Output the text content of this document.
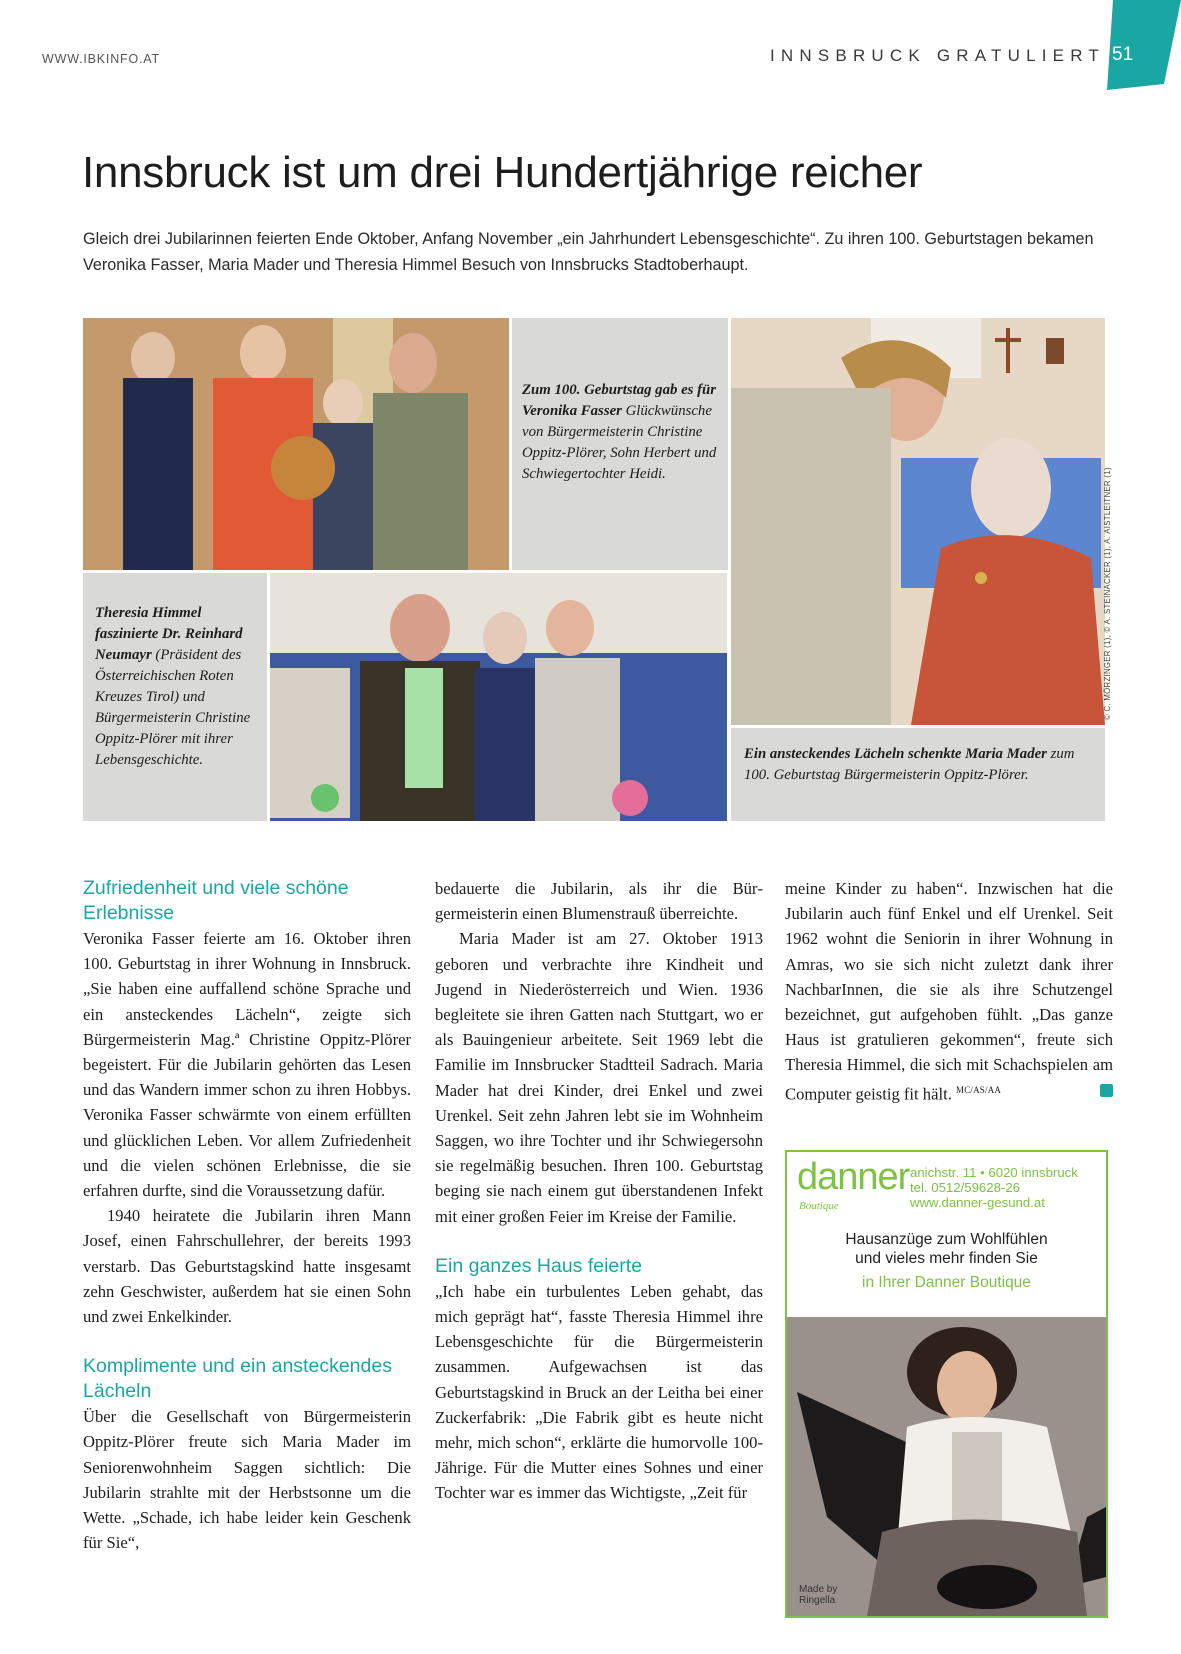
WWW.IBKINFO.AT	INNSBRUCK GRATULIERT 51
Innsbruck ist um drei Hundertjährige reicher

Gleich drei Jubilarinnen feierten Ende Oktober, Anfang November „ein Jahrhundert Lebensgeschichte“. Zu ihren 100. Geburtstagen bekamen Veronika Fasser, Maria Mader und Theresia Himmel Besuch von Innsbrucks Stadtoberhaupt.

Zum 100. Geburtstag gab es für Veronika Fasser Glückwünsche von Bürgermeisterin Christine Oppitz-Plörer, Sohn Herbert und Schwiegertochter Heidi.
Theresia Himmel faszinierte Dr. Reinhard Neumayr (Präsident des Österreichischen Roten Kreuzes Tirol) und Bürgermeisterin Christine Oppitz-Plörer mit ihrer Lebensgeschichte.	Ein ansteckendes Lächeln schenkte Maria Mader zum 100. Geburtstag Bürgermeisterin Oppitz-Plörer.
© C. MÖRZINGER (1), © A. STEINACKER (1), A. AISTLEITNER (1)
Zufriedenheit und viele schöne Erlebnisse

Veronika Fasser feierte am 16. Oktober ihren 100. Geburtstag in ihrer Wohnung in Innsbruck. „Sie haben eine auffallend schöne Sprache und ein ansteckendes Lächeln“, zeigte sich Bürgermeisterin Mag.ª Christine Oppitz-Plörer begeistert. Für die Jubilarin gehörten das Lesen und das Wandern immer schon zu ihren Hobbys. Veronika Fasser schwärmte von einem erfüllten und glücklichen Leben. Vor allem Zufriedenheit und die vielen schönen Erlebnisse, die sie erfahren durfte, sind die Voraussetzung dafür.

1940 heiratete die Jubilarin ihren Mann Josef, einen Fahrschullehrer, der bereits 1993 verstarb. Das Geburtstagskind hatte insgesamt zehn Geschwister, außerdem hat sie einen Sohn und zwei Enkelkinder.

Komplimente und ein ansteckendes Lächeln

Über die Gesellschaft von Bürgermeisterin Oppitz-Plörer freute sich Maria Mader im Seniorenwohnheim Saggen sichtlich: Die Jubilarin strahlte mit der Herbstsonne um die Wette. „Schade, ich habe leider kein Geschenk für Sie“,

bedauerte die Jubilarin, als ihr die Bürgermeisterin einen Blumenstrauß überreichte.

Maria Mader ist am 27. Oktober 1913 geboren und verbrachte ihre Kindheit und Jugend in Niederösterreich und Wien. 1936 begleitete sie ihren Gatten nach Stuttgart, wo er als Bauingenieur arbeitete. Seit 1969 lebt die Familie im Innsbrucker Stadtteil Sadrach. Maria Mader hat drei Kinder, drei Enkel und zwei Urenkel. Seit zehn Jahren lebt sie im Wohnheim Saggen, wo ihre Tochter und ihr Schwiegersohn sie regelmäßig besuchen. Ihren 100. Geburtstag beging sie nach einem gut überstandenen Infekt mit einer großen Feier im Kreise der Familie.

Ein ganzes Haus feierte

„Ich habe ein turbulentes Leben gehabt, das mich geprägt hat“, fasste Theresia Himmel ihre Lebensgeschichte für die Bürgermeisterin zusammen. Aufgewachsen ist das Geburtstagskind in Bruck an der Leitha bei einer Zuckerfabrik: „Die Fabrik gibt es heute nicht mehr, mich schon“, erklärte die humorvolle 100-Jährige. Für die Mutter eines Sohnes und einer Tochter war es immer das Wichtigste, „Zeit für

meine Kinder zu haben“. Inzwischen hat die Jubilarin auch fünf Enkel und elf Urenkel. Seit 1962 wohnt die Seniorin in ihrer Wohnung in Amras, wo sie sich nicht zuletzt dank ihrer NachbarInnen, die sie als ihre Schutzengel bezeichnet, gut aufgehoben fühlt. „Das ganze Haus ist gratulieren gekommen“, freute sich Theresia Himmel, die sich mit Schachspielen am Computer geistig fit hält. $^{MC/AS/AA}$

danner
Boutique
anichstr. 11 • 6020 innsbruck
tel. 0512/59628-26
www.danner-gesund.at
Hausanzüge zum Wohlfühlen
und vieles mehr finden Sie
in Ihrer Danner Boutique
Made by
Ringella
